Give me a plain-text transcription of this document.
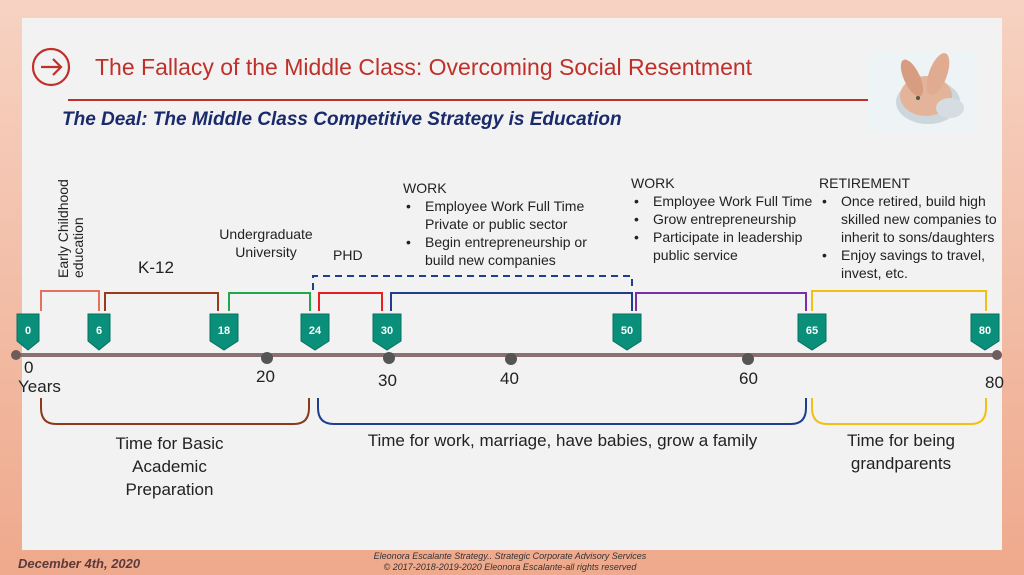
The Fallacy of the Middle Class: Overcoming Social Resentment
The Deal: The Middle Class Competitive Strategy is Education
Early Childhood education	K-12
Undergraduate University	PHD
WORK
• Employee Work Full Time Private or public sector
• Begin entrepreneurship or build new companies
WORK
• Employee Work Full Time
• Grow entrepreneurship
• Participate in leadership public service
RETIREMENT
• Once retired, build high skilled new companies to inherit to sons/daughters
• Enjoy savings to travel, invest, etc.
0	6	18	24	30	50	65	80
0
Years
20	30	40	60	80
Time for Basic Academic Preparation
Time for work, marriage, have babies, grow a family	Time for being grandparents
December 4th, 2020	Eleonora Escalante Strategy.. Strategic Corporate Advisory Services
© 2017-2018-2019-2020 Eleonora Escalante-all rights reserved
